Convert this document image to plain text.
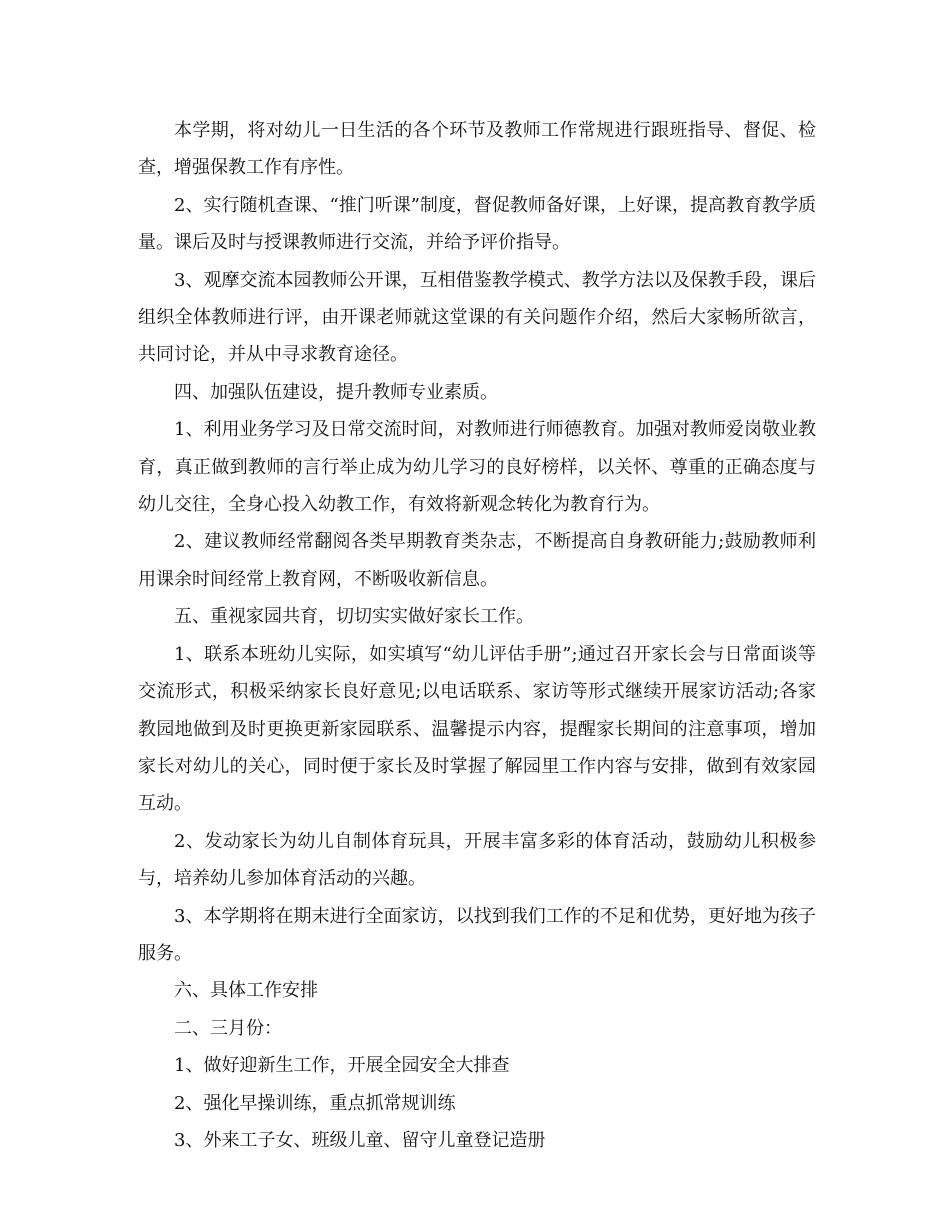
本学期，将对幼儿一日生活的各个环节及教师工作常规进行跟班指导、督促、检查，增强保教工作有序性。

2、实行随机查课、“推门听课”制度，督促教师备好课，上好课，提高教育教学质量。课后及时与授课教师进行交流，并给予评价指导。

3、观摩交流本园教师公开课，互相借鉴教学模式、教学方法以及保教手段，课后组织全体教师进行评，由开课老师就这堂课的有关问题作介绍，然后大家畅所欲言，共同讨论，并从中寻求教育途径。

四、加强队伍建设，提升教师专业素质。

1、利用业务学习及日常交流时间，对教师进行师德教育。加强对教师爱岗敬业教育，真正做到教师的言行举止成为幼儿学习的良好榜样，以关怀、尊重的正确态度与幼儿交往，全身心投入幼教工作，有效将新观念转化为教育行为。

2、建议教师经常翻阅各类早期教育类杂志，不断提高自身教研能力;鼓励教师利用课余时间经常上教育网，不断吸收新信息。

五、重视家园共育，切切实实做好家长工作。

1、联系本班幼儿实际，如实填写“幼儿评估手册”;通过召开家长会与日常面谈等交流形式，积极采纳家长良好意见;以电话联系、家访等形式继续开展家访活动;各家教园地做到及时更换更新家园联系、温馨提示内容，提醒家长期间的注意事项，增加家长对幼儿的关心，同时便于家长及时掌握了解园里工作内容与安排，做到有效家园互动。

2、发动家长为幼儿自制体育玩具，开展丰富多彩的体育活动，鼓励幼儿积极参与，培养幼儿参加体育活动的兴趣。

3、本学期将在期末进行全面家访，以找到我们工作的不足和优势，更好地为孩子服务。

六、具体工作安排

二、三月份：

1、做好迎新生工作，开展全园安全大排查

2、强化早操训练，重点抓常规训练

3、外来工子女、班级儿童、留守儿童登记造册
